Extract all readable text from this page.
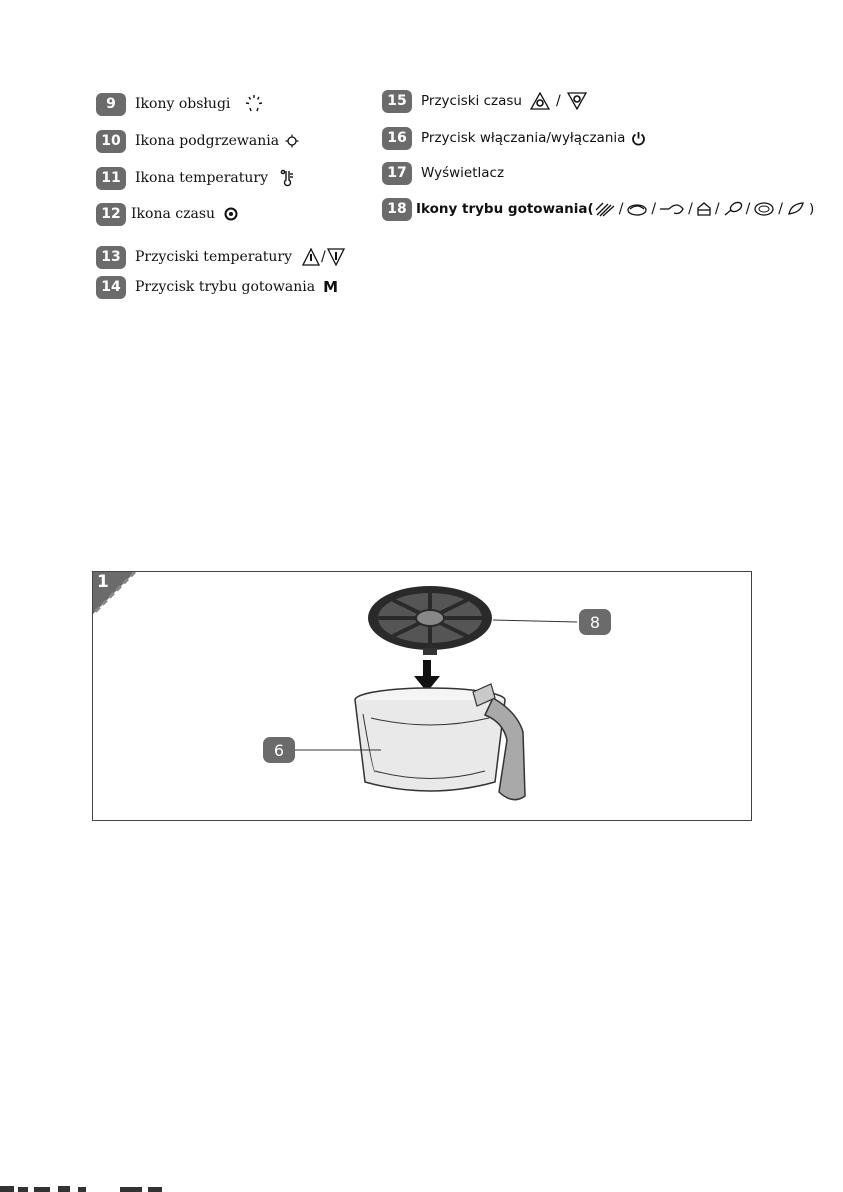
9	Ikony obsługi
10	Ikona podgrzewania
11	Ikona temperatury
12 Ikona czasu
13	Przyciski temperatury /
14	Przycisk trybu gotowania M
15	Przyciski czasu /
16	Przycisk włączania/wyłączania
17	Wyświetlacz
18 Ikony trybu gotowania( / / / / / / )
1
8
6
